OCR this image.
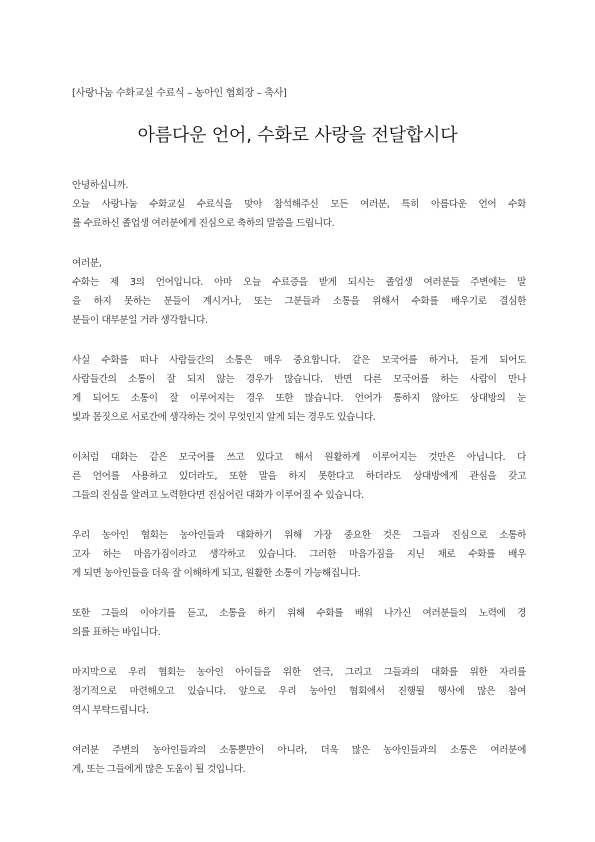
[사랑나눔 수화교실 수료식 – 농아인 협회장 – 축사]
아름다운 언어, 수화로 사랑을 전달합시다
안녕하십니까.
오늘 사랑나눔 수화교실 수료식을 맞아 참석해주신 모든 여러분, 특히 아름다운 언어 수화
를 수료하신 졸업생 여러분에게 진심으로 축하의 말씀을 드립니다.
여러분,
수화는 제 3의 언어입니다. 아마 오늘 수료증을 받게 되시는 졸업생 여러분들 주변에는 말
을 하지 못하는 분들이 계시거나, 또는 그분들과 소통을 위해서 수화를 배우기로 결심한
분들이 대부분일 거라 생각합니다.
사실 수화를 떠나 사람들간의 소통은 매우 중요합니다. 같은 모국어를 하거나, 듣게 되어도
사람들간의 소통이 잘 되지 않는 경우가 많습니다. 반면 다른 모국어를 하는 사람이 만나
게 되어도 소통이 잘 이루어지는 경우 또한 많습니다. 언어가 통하지 않아도 상대방의 눈
빛과 몸짓으로 서로간에 생각하는 것이 무엇인지 알게 되는 경우도 있습니다.
이처럼 대화는 같은 모국어를 쓰고 있다고 해서 원활하게 이루어지는 것만은 아닙니다. 다
른 언어를 사용하고 있더라도, 또한 말을 하지 못한다고 하더라도 상대방에게 관심을 갖고
그들의 진심을 알려고 노력한다면 진심어린 대화가 이루어질 수 있습니다.
우리 농아인 협회는 농아인들과 대화하기 위해 가장 중요한 것은 그들과 진심으로 소통하
고자 하는 마음가짐이라고 생각하고 있습니다. 그러한 마음가짐을 지닌 채로 수화를 배우
게 되면 농아인들을 더욱 잘 이해하게 되고, 원활한 소통이 가능해집니다.
또한 그들의 이야기를 듣고, 소통을 하기 위해 수화를 배워 나가신 여러분들의 노력에 경
의를 표하는 바입니다.
마지막으로 우리 협회는 농아인 아이들을 위한 연극, 그리고 그들과의 대화를 위한 자리를
정기적으로 마련해오고 있습니다. 앞으로 우리 농아인 협회에서 진행될 행사에 많은 참여
역시 부탁드립니다.
여러분 주변의 농아인들과의 소통뿐만이 아니라, 더욱 많은 농아인들과의 소통은 여러분에
게, 또는 그들에게 많은 도움이 될 것입니다.
